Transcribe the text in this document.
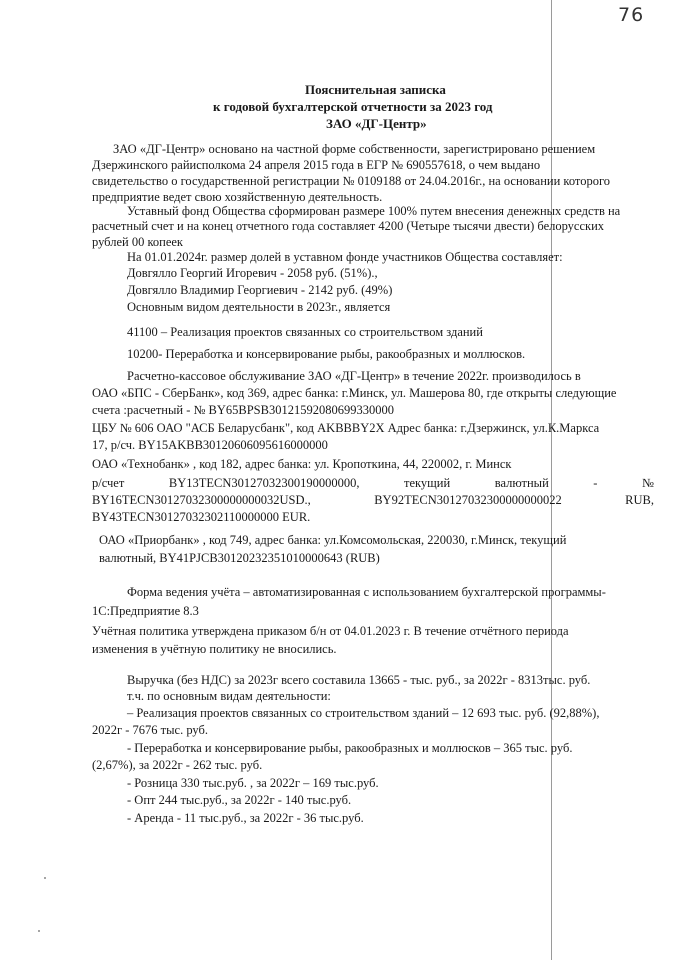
76
Пояснительная записка
к годовой бухгалтерской отчетности за 2023 год
ЗАО «ДГ-Центр»
ЗАО «ДГ-Центр» основано на частной форме собственности, зарегистрировано решением
Дзержинского райисполкома 24 апреля 2015 года в ЕГР № 690557618, о чем выдано
свидетельство о государственной регистрации № 0109188 от 24.04.2016г., на основании которого
предприятие ведет свою хозяйственную деятельность.
Уставный фонд Общества сформирован размере 100% путем внесения денежных средств на
расчетный счет и на конец отчетного года составляет 4200 (Четыре тысячи двести) белорусских
рублей 00 копеек
На 01.01.2024г. размер долей в уставном фонде участников Общества составляет:
Довгялло Георгий Игоревич - 2058 руб. (51%).,
Довгялло Владимир Георгиевич - 2142 руб. (49%)
Основным видом деятельности в 2023г., является
41100 – Реализация проектов связанных со строительством зданий
10200- Переработка и консервирование рыбы, ракообразных и моллюсков.
Расчетно-кассовое обслуживание ЗАО «ДГ-Центр» в течение 2022г. производилось в
ОАО «БПС - СберБанк», код 369, адрес банка: г.Минск, ул. Машерова 80, где открыты следующие
счета :расчетный - № BY65BPSB30121592080699330000
ЦБУ № 606 ОАО "АСБ Беларусбанк", код AKBBBY2X Адрес банка: г.Дзержинск, ул.К.Маркса
17, р/сч. BY15AKBB30120606095616000000
ОАО «Технобанк» , код 182, адрес банка: ул. Кропоткина, 44, 220002, г. Минск
р/счет	BY13TECN30127032300190000000,	текущий	валютный	-	№
BY16TECN30127032300000000032USD.,	BY92TECN30127032300000000022	RUB,
BY43TECN30127032302110000000 EUR.
ОАО «Приорбанк» , код 749, адрес банка: ул.Комсомольская, 220030, г.Минск, текущий
валютный, BY41PJCB30120232351010000643 (RUB)
Форма ведения учёта – автоматизированная с использованием бухгалтерской программы-
1С:Предприятие 8.3
Учётная политика утверждена приказом б/н от 04.01.2023 г. В течение отчётного периода
изменения в учётную политику не вносились.
Выручка (без НДС) за 2023г всего составила 13665 - тыс. руб., за 2022г - 8313тыс. руб.
т.ч. по основным видам деятельности:
– Реализация проектов связанных со строительством зданий – 12 693 тыс. руб. (92,88%),
2022г - 7676 тыс. руб.
- Переработка и консервирование рыбы, ракообразных и моллюсков – 365 тыс. руб.
(2,67%), за 2022г - 262 тыс. руб.
- Розница 330 тыс.руб. , за 2022г – 169 тыс.руб.
- Опт 244 тыс.руб., за 2022г - 140 тыс.руб.
- Аренда - 11 тыс.руб., за 2022г - 36 тыс.руб.
